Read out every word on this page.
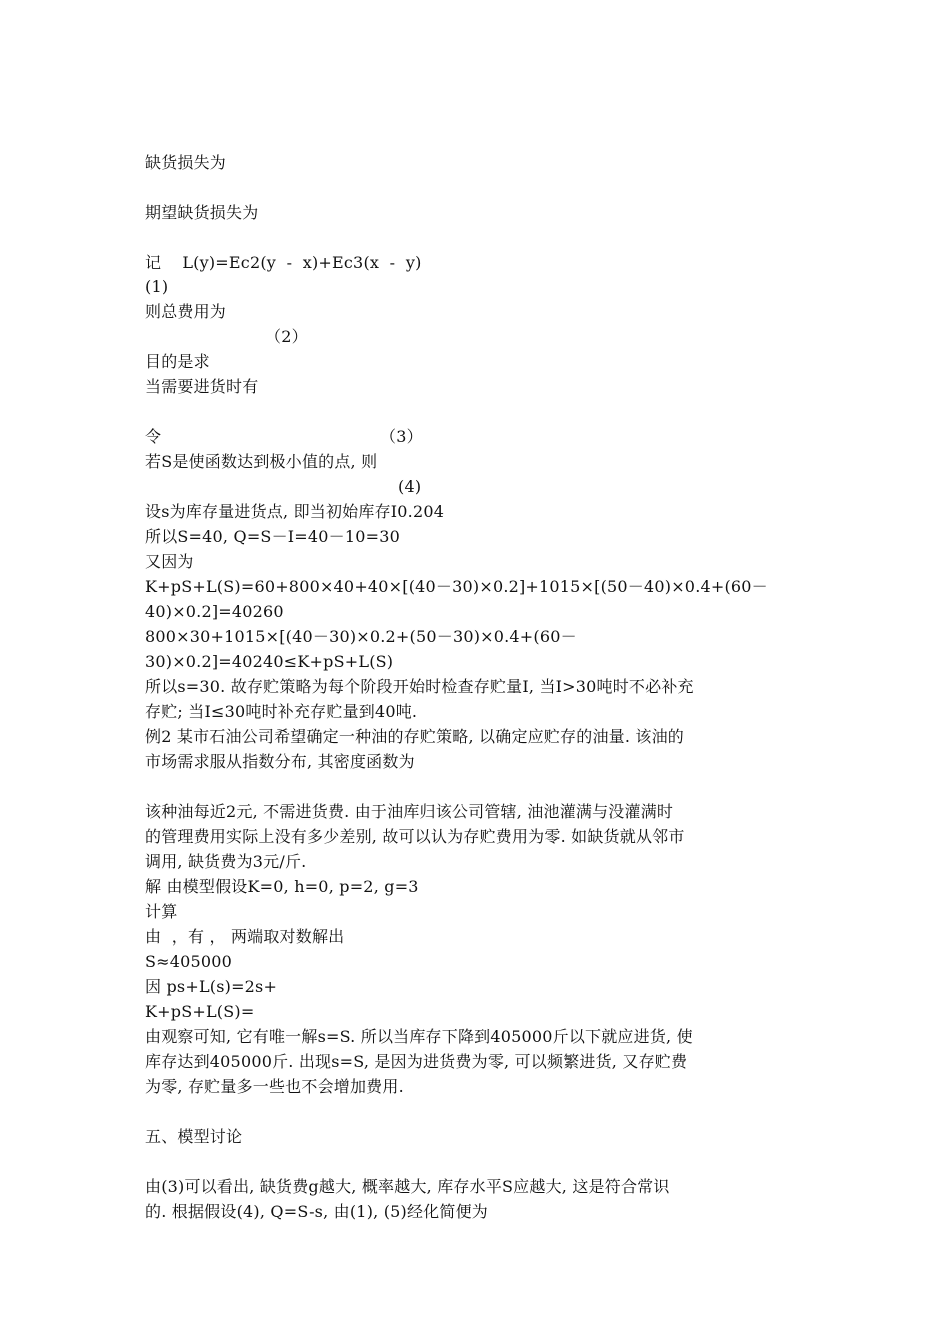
缺货损失为
期望缺货损失为
记    L(y)=Ec2(y  -  x)+Ec3(x  -  y)
(1)
则总费用为
（2）
目的是求
当需要进货时有
令	（3）
若S是使函数达到极小值的点, 则
(4)
设s为库存量进货点, 即当初始库存I0.204
所以S=40, Q=S－I=40－10=30
又因为
K+pS+L(S)=60+800×40+40×[(40－30)×0.2]+1015×[(50－40)×0.4+(60－
40)×0.2]=40260
800×30+1015×[(40－30)×0.2+(50－30)×0.4+(60－
30)×0.2]=40240≤K+pS+L(S)
所以s=30. 故存贮策略为每个阶段开始时检查存贮量I, 当I>30吨时不必补充
存贮; 当I≤30吨时补充存贮量到40吨.
例2 某市石油公司希望确定一种油的存贮策略, 以确定应贮存的油量. 该油的
市场需求服从指数分布, 其密度函数为
该种油每近2元, 不需进货费. 由于油库归该公司管辖, 油池灌满与没灌满时
的管理费用实际上没有多少差别, 故可以认为存贮费用为零. 如缺货就从邻市
调用, 缺货费为3元/斤.
解 由模型假设K=0, h=0, p=2, g=3
计算
由  ，有 ， 两端取对数解出
S≈405000
因 ps+L(s)=2s+
K+pS+L(S)=
由观察可知, 它有唯一解s=S. 所以当库存下降到405000斤以下就应进货, 使
库存达到405000斤. 出现s=S, 是因为进货费为零, 可以频繁进货, 又存贮费
为零, 存贮量多一些也不会增加费用.
五、模型讨论
由(3)可以看出, 缺货费g越大, 概率越大, 库存水平S应越大, 这是符合常识
的. 根据假设(4), Q=S-s, 由(1), (5)经化简便为
